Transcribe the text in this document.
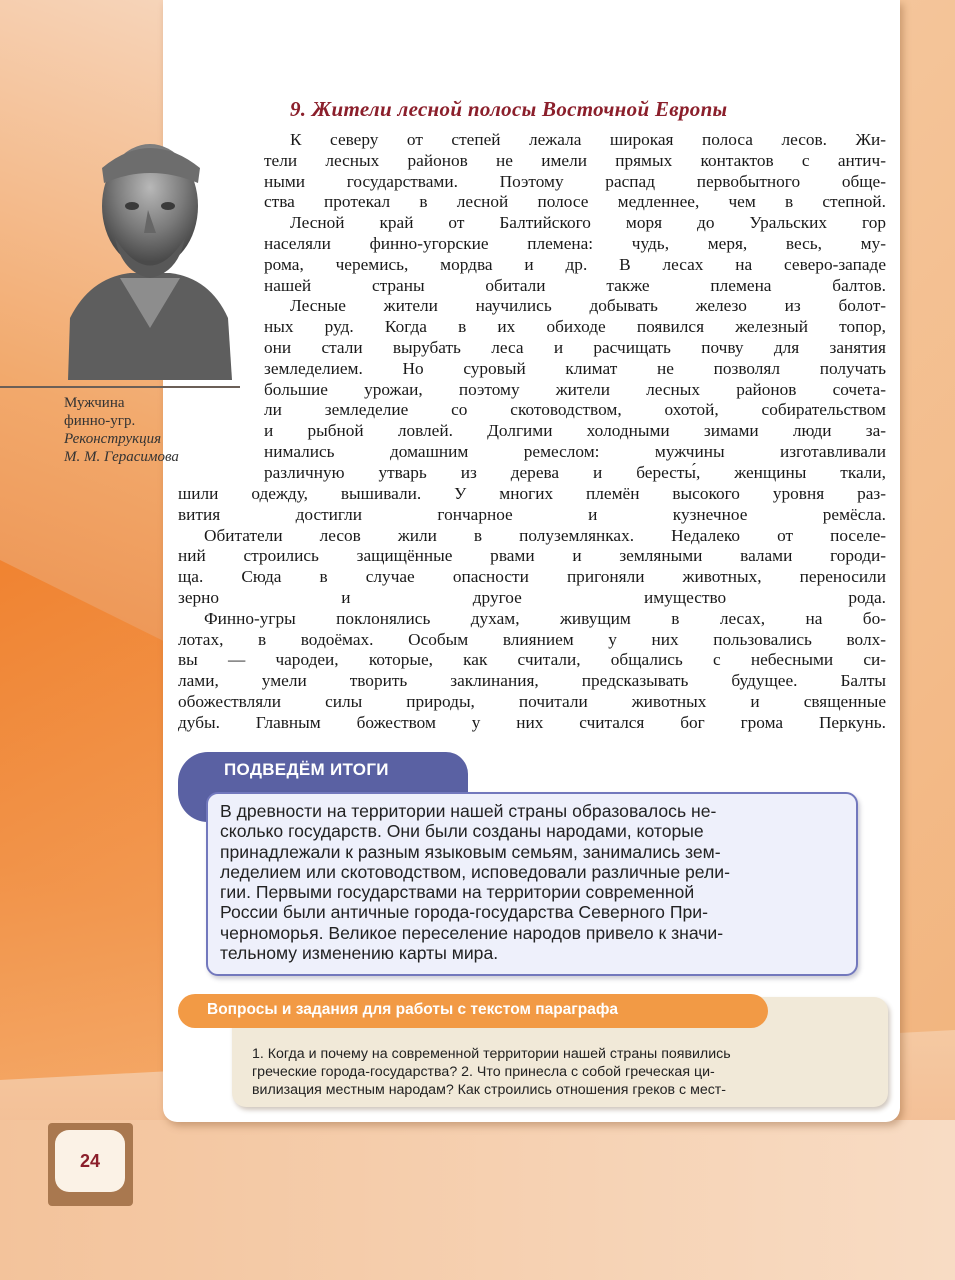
Мужчина
финно-угр.
Реконструкция
М. М. Герасимова
9. Жители лесной полосы Восточной Европы
К северу от степей лежала широкая полоса лесов. Жи-
тели лесных районов не имели прямых контактов с антич-
ными государствами. Поэтому распад первобытного обще-
ства протекал в лесной полосе медленнее, чем в степной.
Лесной край от Балтийского моря до Уральских гор
населяли финно-угорские племена: чудь, меря, весь, му-
рома, черемись, мордва и др. В лесах на северо-западе
нашей страны обитали также племена балтов.
Лесные жители научились добывать железо из болот-
ных руд. Когда в их обиходе появился железный топор,
они стали вырубать леса и расчищать почву для занятия
земледелием. Но суровый климат не позволял получать
большие урожаи, поэтому жители лесных районов сочета-
ли земледелие со скотоводством, охотой, собирательством
и рыбной ловлей. Долгими холодными зимами люди за-
нимались домашним ремеслом: мужчины изготавливали
различную утварь из дерева и бересты́, женщины ткали,
шили одежду, вышивали. У многих племён высокого уровня раз-
вития достигли гончарное и кузнечное ремёсла.
Обитатели лесов жили в полуземлянках. Недалеко от поселе-
ний строились защищённые рвами и земляными валами городи-
ща. Сюда в случае опасности пригоняли животных, переносили
зерно и другое имущество рода.
Финно-угры поклонялись духам, живущим в лесах, на бо-
лотах, в водоёмах. Особым влиянием у них пользовались волх-
вы — чародеи, которые, как считали, общались с небесными си-
лами, умели творить заклинания, предсказывать будущее. Балты
обожествляли силы природы, почитали животных и священные
дубы. Главным божеством у них считался бог грома Перкунь.
ПОДВЕДЁМ ИТОГИ
В древности на территории нашей страны образовалось не-
сколько государств. Они были созданы народами, которые
принадлежали к разным языковым семьям, занимались зем-
леделием или скотоводством, исповедовали различные рели-
гии. Первыми государствами на территории современной
России были античные города-государства Северного При-
черноморья. Великое переселение народов привело к значи-
тельному изменению карты мира.
Вопросы и задания для работы с текстом параграфа
1. Когда и почему на современной территории нашей страны появились
греческие города-государства? 2. Что принесла с собой греческая ци-
вилизация местным народам? Как строились отношения греков с мест-
24
